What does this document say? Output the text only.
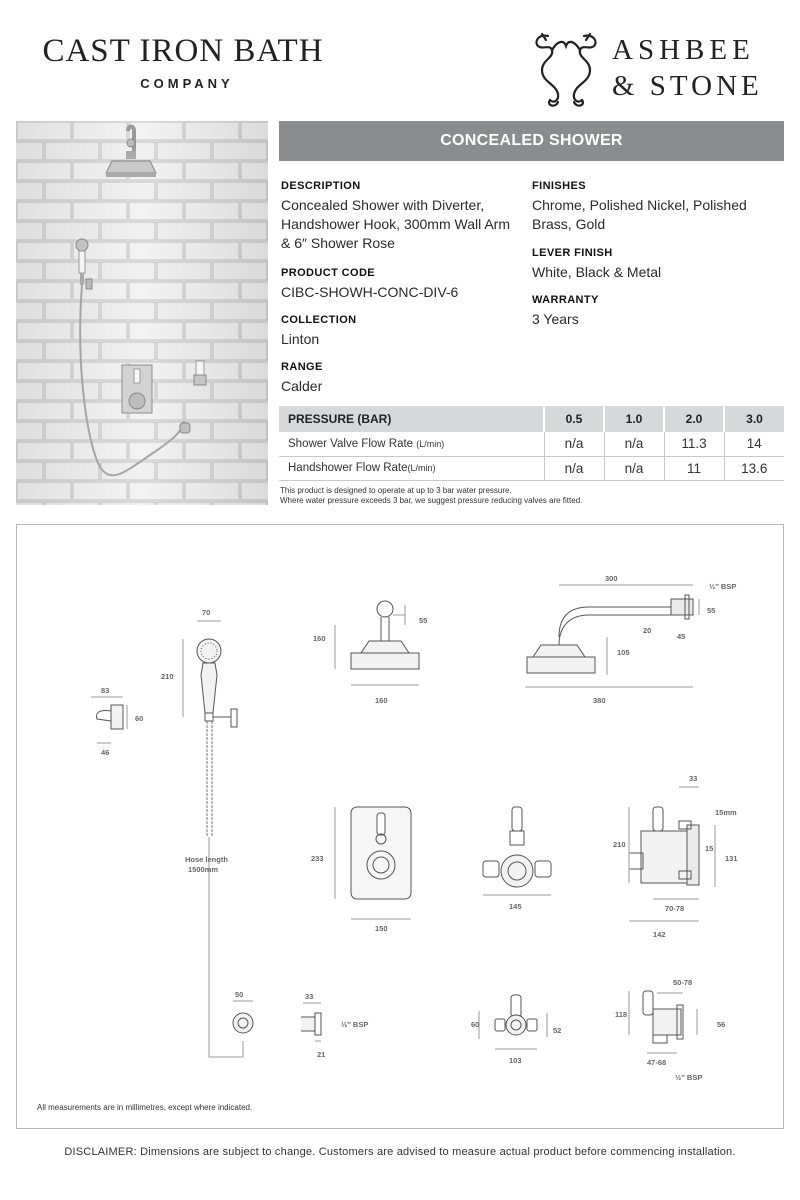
CAST IRON BATH
COMPANY
ASHBEE
& STONE
CONCEALED SHOWER
DESCRIPTION
Concealed Shower with Diverter, Handshower Hook, 300mm Wall Arm & 6″ Shower Rose
PRODUCT CODE
CIBC-SHOWH-CONC-DIV-6
COLLECTION
Linton
RANGE
Calder
FINISHES
Chrome, Polished Nickel, Polished Brass, Gold
LEVER FINISH
White, Black & Metal
WARRANTY
3 Years
PRESSURE (BAR)	0.5	1.0	2.0	3.0
Shower Valve Flow Rate (L/min)	n/a	n/a	11.3	14
Handshower Flow Rate(L/min)	n/a	n/a	11	13.6
This product is designed to operate at up to 3 bar water pressure.
Where water pressure exceeds 3 bar, we suggest pressure reducing valves are fitted.
83
60
46
70
210
Hose length
1500mm
160
55
160
300
½″ BSP
55
20
45
105
380
233
150
145
33
15mm
210	15
131
70-78
142
50	33
½″ BSP
21
60
52
103
50-78
118
56
47-68
½″ BSP
All measurements are in millimetres, except where indicated.
DISCLAIMER: Dimensions are subject to change. Customers are advised to measure actual product before commencing installation.
